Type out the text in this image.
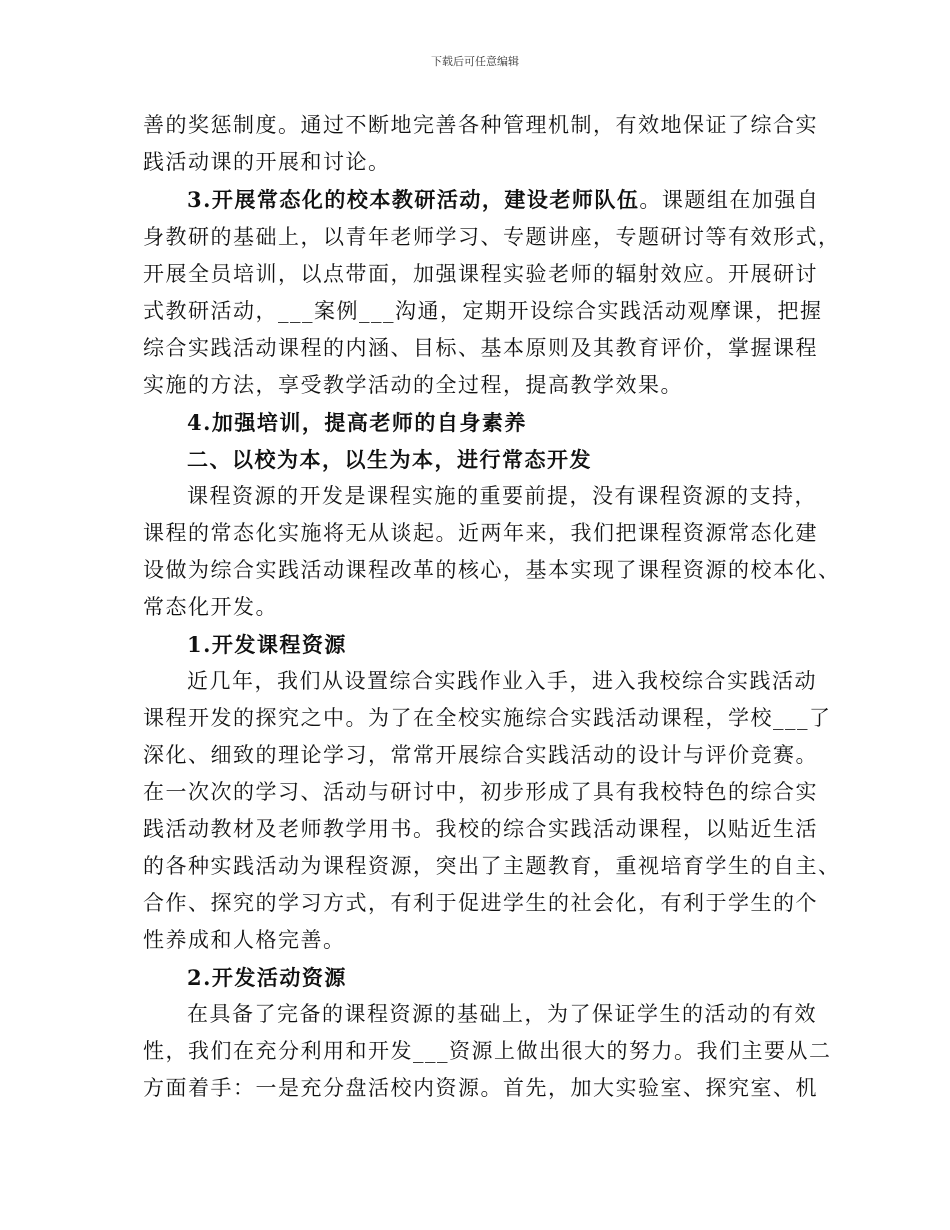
下载后可任意编辑
善的奖惩制度。通过不断地完善各种管理机制，有效地保证了综合实
践活动课的开展和讨论。
3.开展常态化的校本教研活动，建设老师队伍。课题组在加强自
身教研的基础上，以青年老师学习、专题讲座，专题研讨等有效形式，
开展全员培训，以点带面，加强课程实验老师的辐射效应。开展研讨
式教研活动，___案例___沟通，定期开设综合实践活动观摩课，把握
综合实践活动课程的内涵、目标、基本原则及其教育评价，掌握课程
实施的方法，享受教学活动的全过程，提高教学效果。
4.加强培训，提高老师的自身素养
二、以校为本，以生为本，进行常态开发
课程资源的开发是课程实施的重要前提，没有课程资源的支持，
课程的常态化实施将无从谈起。近两年来，我们把课程资源常态化建
设做为综合实践活动课程改革的核心，基本实现了课程资源的校本化、
常态化开发。
1.开发课程资源
近几年，我们从设置综合实践作业入手，进入我校综合实践活动
课程开发的探究之中。为了在全校实施综合实践活动课程，学校___了
深化、细致的理论学习，常常开展综合实践活动的设计与评价竞赛。
在一次次的学习、活动与研讨中，初步形成了具有我校特色的综合实
践活动教材及老师教学用书。我校的综合实践活动课程，以贴近生活
的各种实践活动为课程资源，突出了主题教育，重视培育学生的自主、
合作、探究的学习方式，有利于促进学生的社会化，有利于学生的个
性养成和人格完善。
2.开发活动资源
在具备了完备的课程资源的基础上，为了保证学生的活动的有效
性，我们在充分利用和开发___资源上做出很大的努力。我们主要从二
方面着手：一是充分盘活校内资源。首先，加大实验室、探究室、机
